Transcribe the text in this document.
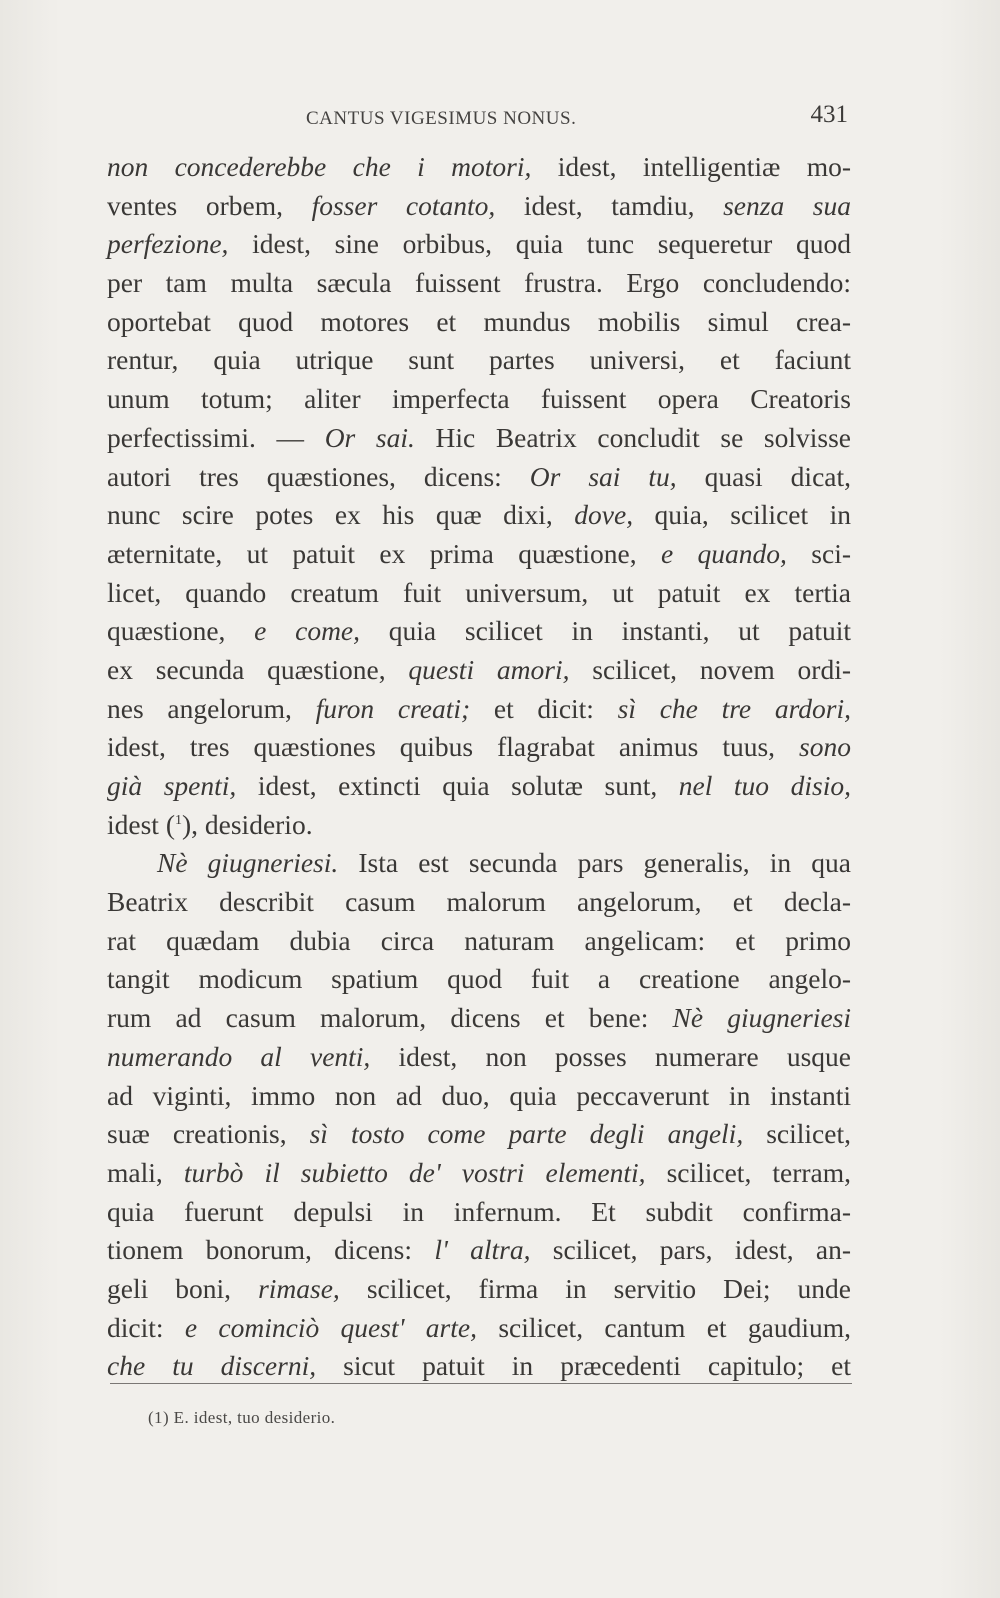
CANTUS VIGESIMUS NONUS.	431
non concederebbe che i motori, idest, intelligentiæ mo-
ventes orbem, fosser cotanto, idest, tamdiu, senza sua
perfezione, idest, sine orbibus, quia tunc sequeretur quod
per tam multa sæcula fuissent frustra. Ergo concludendo:
oportebat quod motores et mundus mobilis simul crea-
rentur, quia utrique sunt partes universi, et faciunt
unum totum; aliter imperfecta fuissent opera Creatoris
perfectissimi. — Or sai. Hic Beatrix concludit se solvisse
autori tres quæstiones, dicens: Or sai tu, quasi dicat,
nunc scire potes ex his quæ dixi, dove, quia, scilicet in
æternitate, ut patuit ex prima quæstione, e quando, sci-
licet, quando creatum fuit universum, ut patuit ex tertia
quæstione, e come, quia scilicet in instanti, ut patuit
ex secunda quæstione, questi amori, scilicet, novem ordi-
nes angelorum, furon creati; et dicit: sì che tre ardori,
idest, tres quæstiones quibus flagrabat animus tuus, sono
già spenti, idest, extincti quia solutæ sunt, nel tuo disio,
idest ($^1$), desiderio.
Nè giugneriesi. Ista est secunda pars generalis, in qua
Beatrix describit casum malorum angelorum, et decla-
rat quædam dubia circa naturam angelicam: et primo
tangit modicum spatium quod fuit a creatione angelo-
rum ad casum malorum, dicens et bene: Nè giugneriesi
numerando al venti, idest, non posses numerare usque
ad viginti, immo non ad duo, quia peccaverunt in instanti
suæ creationis, sì tosto come parte degli angeli, scilicet,
mali, turbò il subietto de' vostri elementi, scilicet, terram,
quia fuerunt depulsi in infernum. Et subdit confirma-
tionem bonorum, dicens: l' altra, scilicet, pars, idest, an-
geli boni, rimase, scilicet, firma in servitio Dei; unde
dicit: e cominciò quest' arte, scilicet, cantum et gaudium,
che tu discerni, sicut patuit in præcedenti capitulo; et
(1) E. idest, tuo desiderio.
